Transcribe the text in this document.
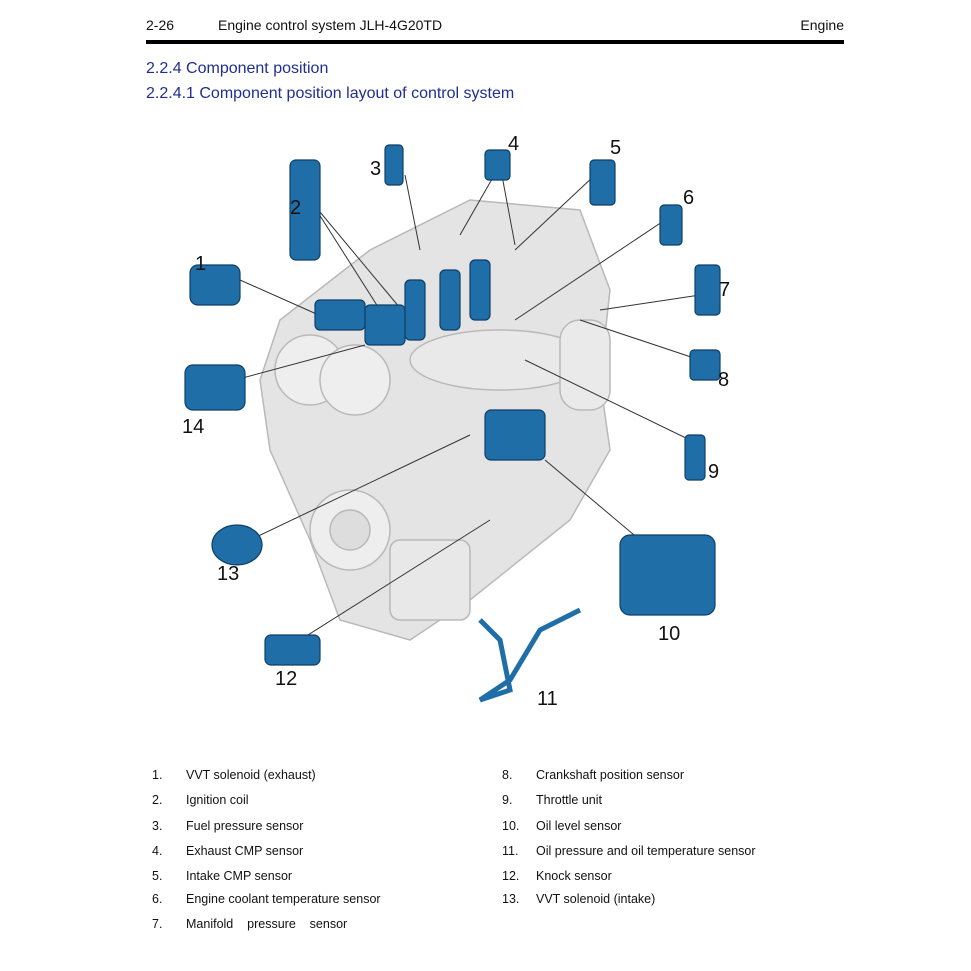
2-26	Engine control system JLH-4G20TD	Engine
2.2.4 Component position
2.2.4.1 Component position layout of control system
1
2
3
4	5
6
7
8
9
10
11
12
13
14
1. VVT solenoid (exhaust)
2. Ignition coil
3. Fuel pressure sensor
4. Exhaust CMP sensor
5. Intake CMP sensor
6. Engine coolant temperature sensor
7. Manifold    pressure    sensor
8. Crankshaft position sensor
9. Throttle unit
10. Oil level sensor
11. Oil pressure and oil temperature sensor
12. Knock sensor
13. VVT solenoid (intake)
